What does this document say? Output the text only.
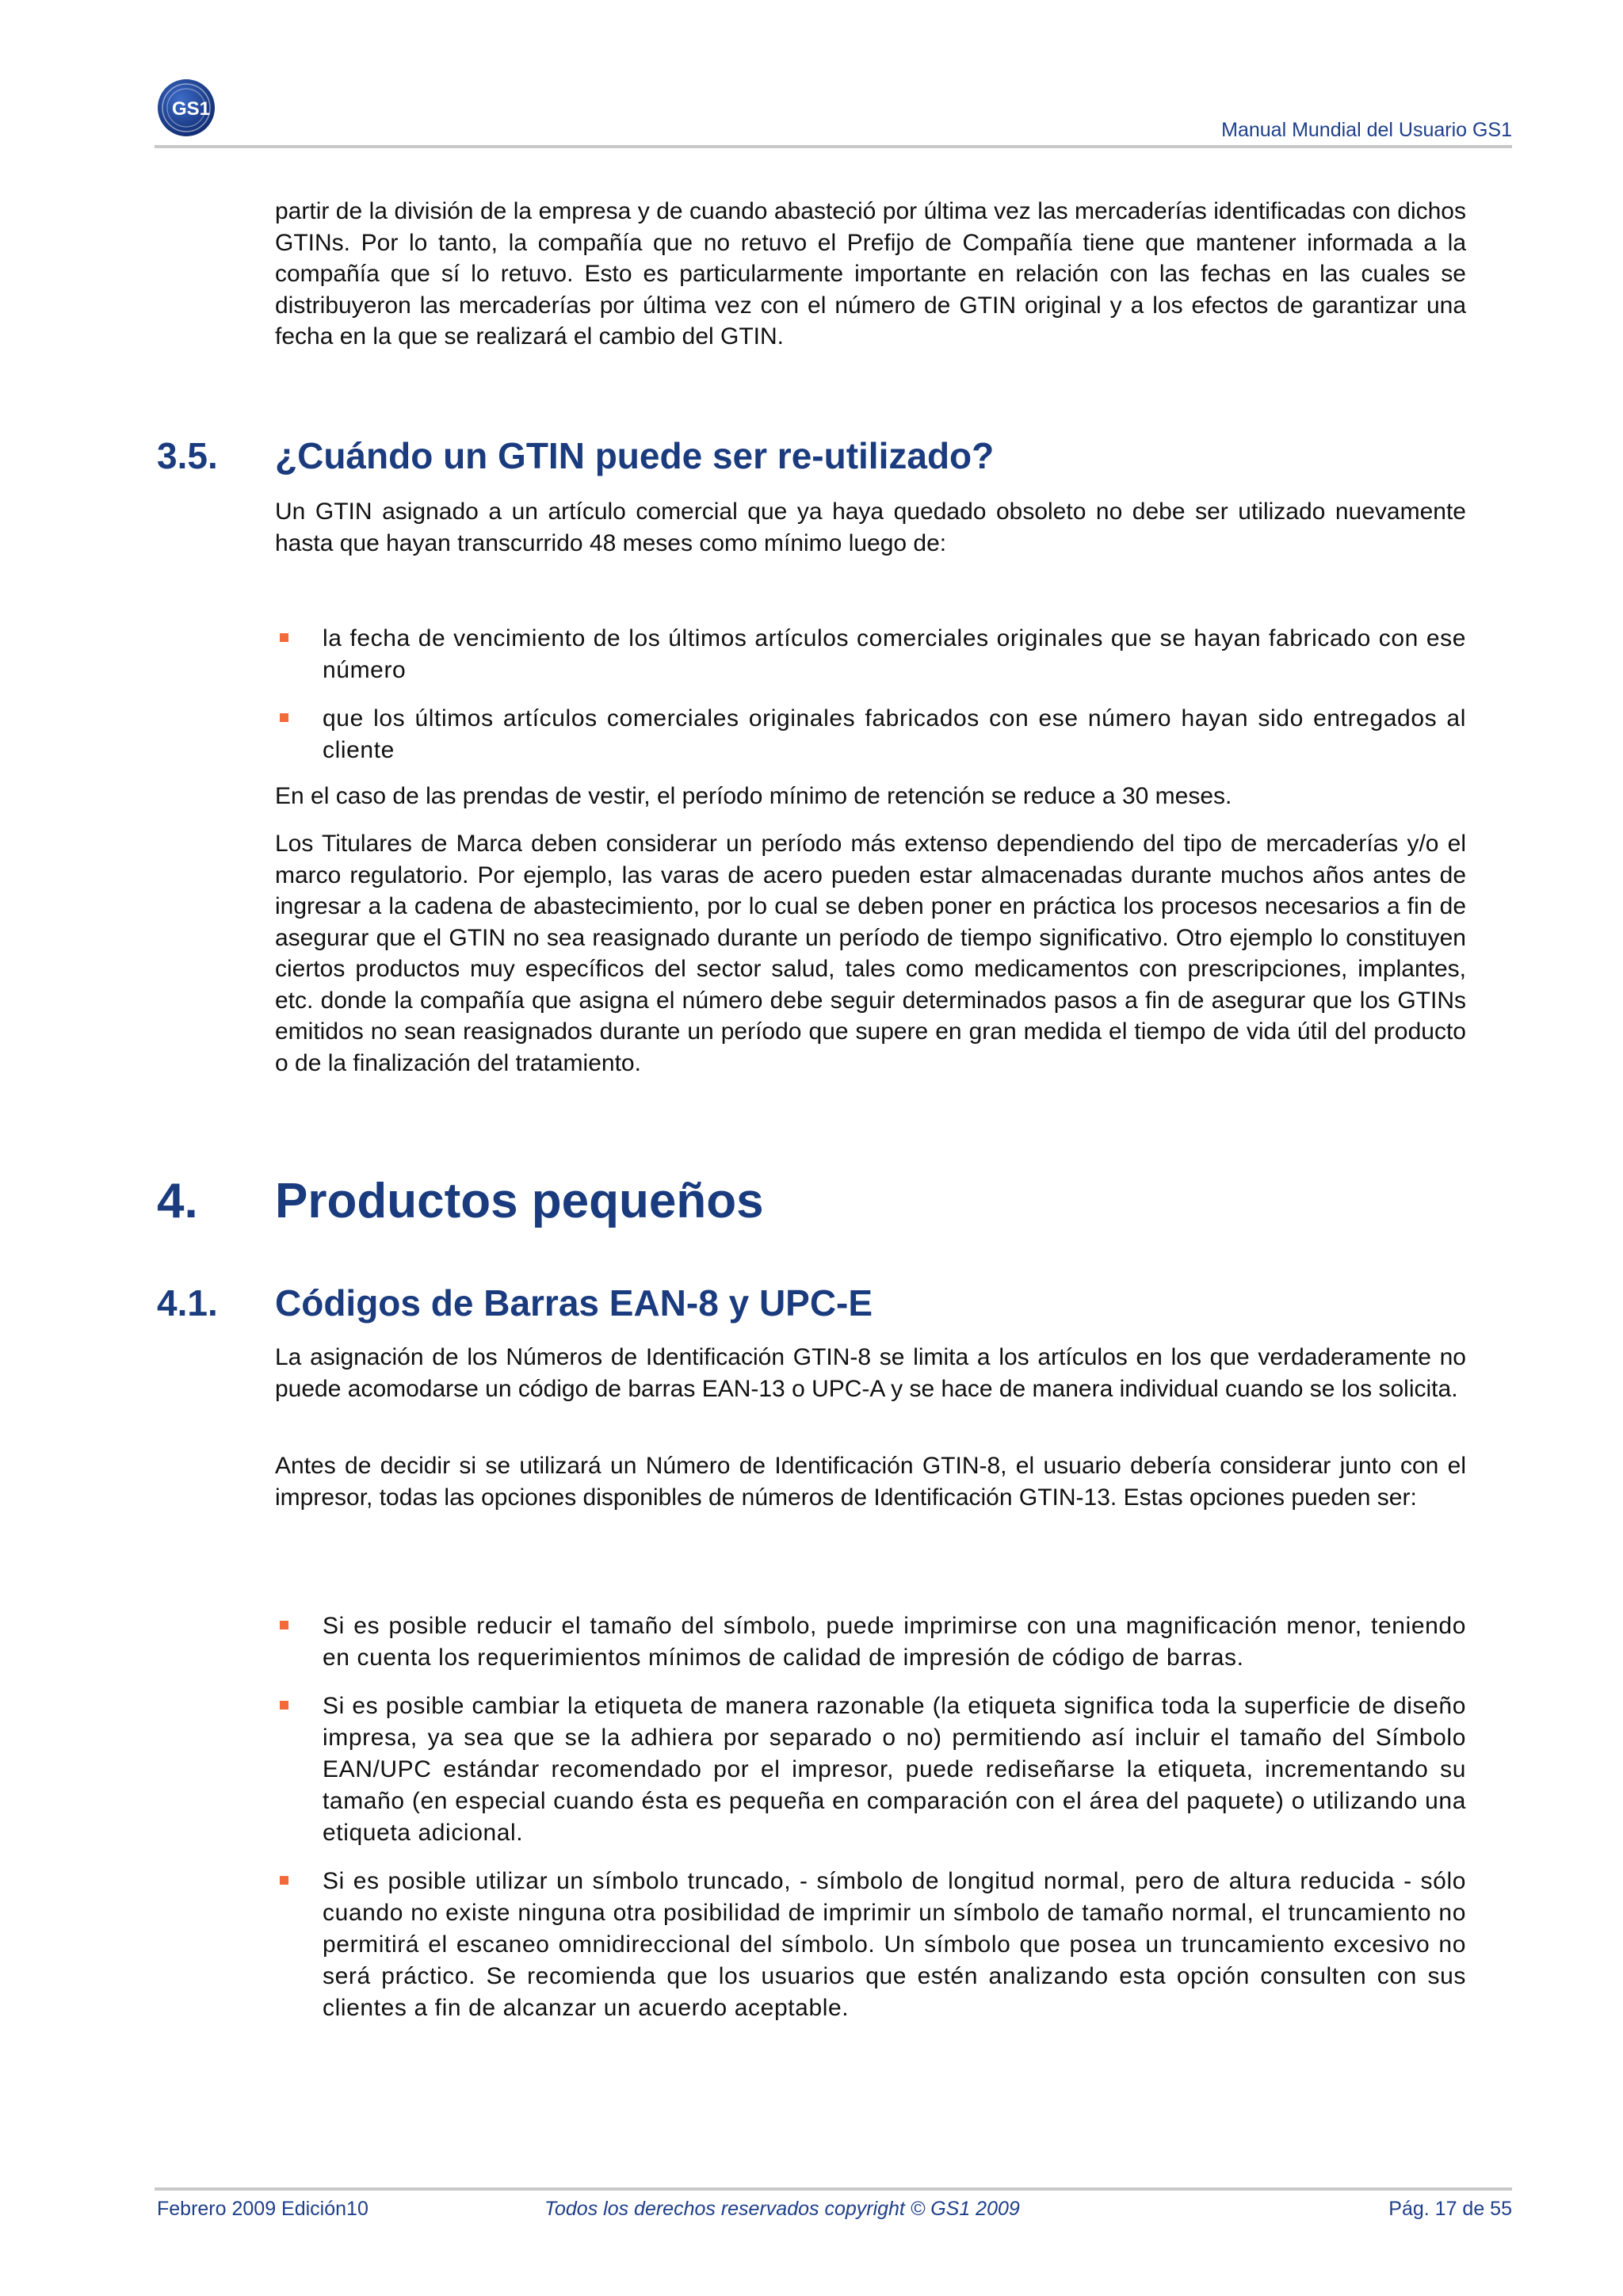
GS1
Manual Mundial del Usuario GS1

partir de la división de la empresa y de cuando abasteció por última vez las mercaderías identificadas con dichos GTINs. Por lo tanto, la compañía que no retuvo el Prefijo de Compañía tiene que mantener informada a la compañía que sí lo retuvo. Esto es particularmente importante en relación con las fechas en las cuales se distribuyeron las mercaderías por última vez con el número de GTIN original y a los efectos de garantizar una fecha en la que se realizará el cambio del GTIN.

3.5. ¿Cuándo un GTIN puede ser re-utilizado?

Un GTIN asignado a un artículo comercial que ya haya quedado obsoleto no debe ser utilizado nuevamente hasta que hayan transcurrido 48 meses como mínimo luego de:

la fecha de vencimiento de los últimos artículos comerciales originales que se hayan fabricado con ese número
que los últimos artículos comerciales originales fabricados con ese número hayan sido entregados al cliente

En el caso de las prendas de vestir, el período mínimo de retención se reduce a 30 meses.

Los Titulares de Marca deben considerar un período más extenso dependiendo del tipo de mercaderías y/o el marco regulatorio. Por ejemplo, las varas de acero pueden estar almacenadas durante muchos años antes de ingresar a la cadena de abastecimiento, por lo cual se deben poner en práctica los procesos necesarios a fin de asegurar que el GTIN no sea reasignado durante un período de tiempo significativo. Otro ejemplo lo constituyen ciertos productos muy específicos del sector salud, tales como medicamentos con prescripciones, implantes, etc. donde la compañía que asigna el número debe seguir determinados pasos a fin de asegurar que los GTINs emitidos no sean reasignados durante un período que supere en gran medida el tiempo de vida útil del producto o de la finalización del tratamiento.

4. Productos pequeños
4.1. Códigos de Barras EAN-8 y UPC-E

La asignación de los Números de Identificación GTIN-8 se limita a los artículos en los que verdaderamente no puede acomodarse un código de barras EAN-13 o UPC-A y se hace de manera individual cuando se los solicita.

Antes de decidir si se utilizará un Número de Identificación GTIN-8, el usuario debería considerar junto con el impresor, todas las opciones disponibles de números de Identificación GTIN-13. Estas opciones pueden ser:

Si es posible reducir el tamaño del símbolo, puede imprimirse con una magnificación menor, teniendo en cuenta los requerimientos mínimos de calidad de impresión de código de barras.
Si es posible cambiar la etiqueta de manera razonable (la etiqueta significa toda la superficie de diseño impresa, ya sea que se la adhiera por separado o no) permitiendo así incluir el tamaño del Símbolo EAN/UPC estándar recomendado por el impresor, puede rediseñarse la etiqueta, incrementando su tamaño (en especial cuando ésta es pequeña en comparación con el área del paquete) o utilizando una etiqueta adicional.
Si es posible utilizar un símbolo truncado, - símbolo de longitud normal, pero de altura reducida - sólo cuando no existe ninguna otra posibilidad de imprimir un símbolo de tamaño normal, el truncamiento no permitirá el escaneo omnidireccional del símbolo. Un símbolo que posea un truncamiento excesivo no será práctico. Se recomienda que los usuarios que estén analizando esta opción consulten con sus clientes a fin de alcanzar un acuerdo aceptable.
Febrero 2009 Edición10	Todos los derechos reservados copyright © GS1 2009	Pág. 17 de 55
